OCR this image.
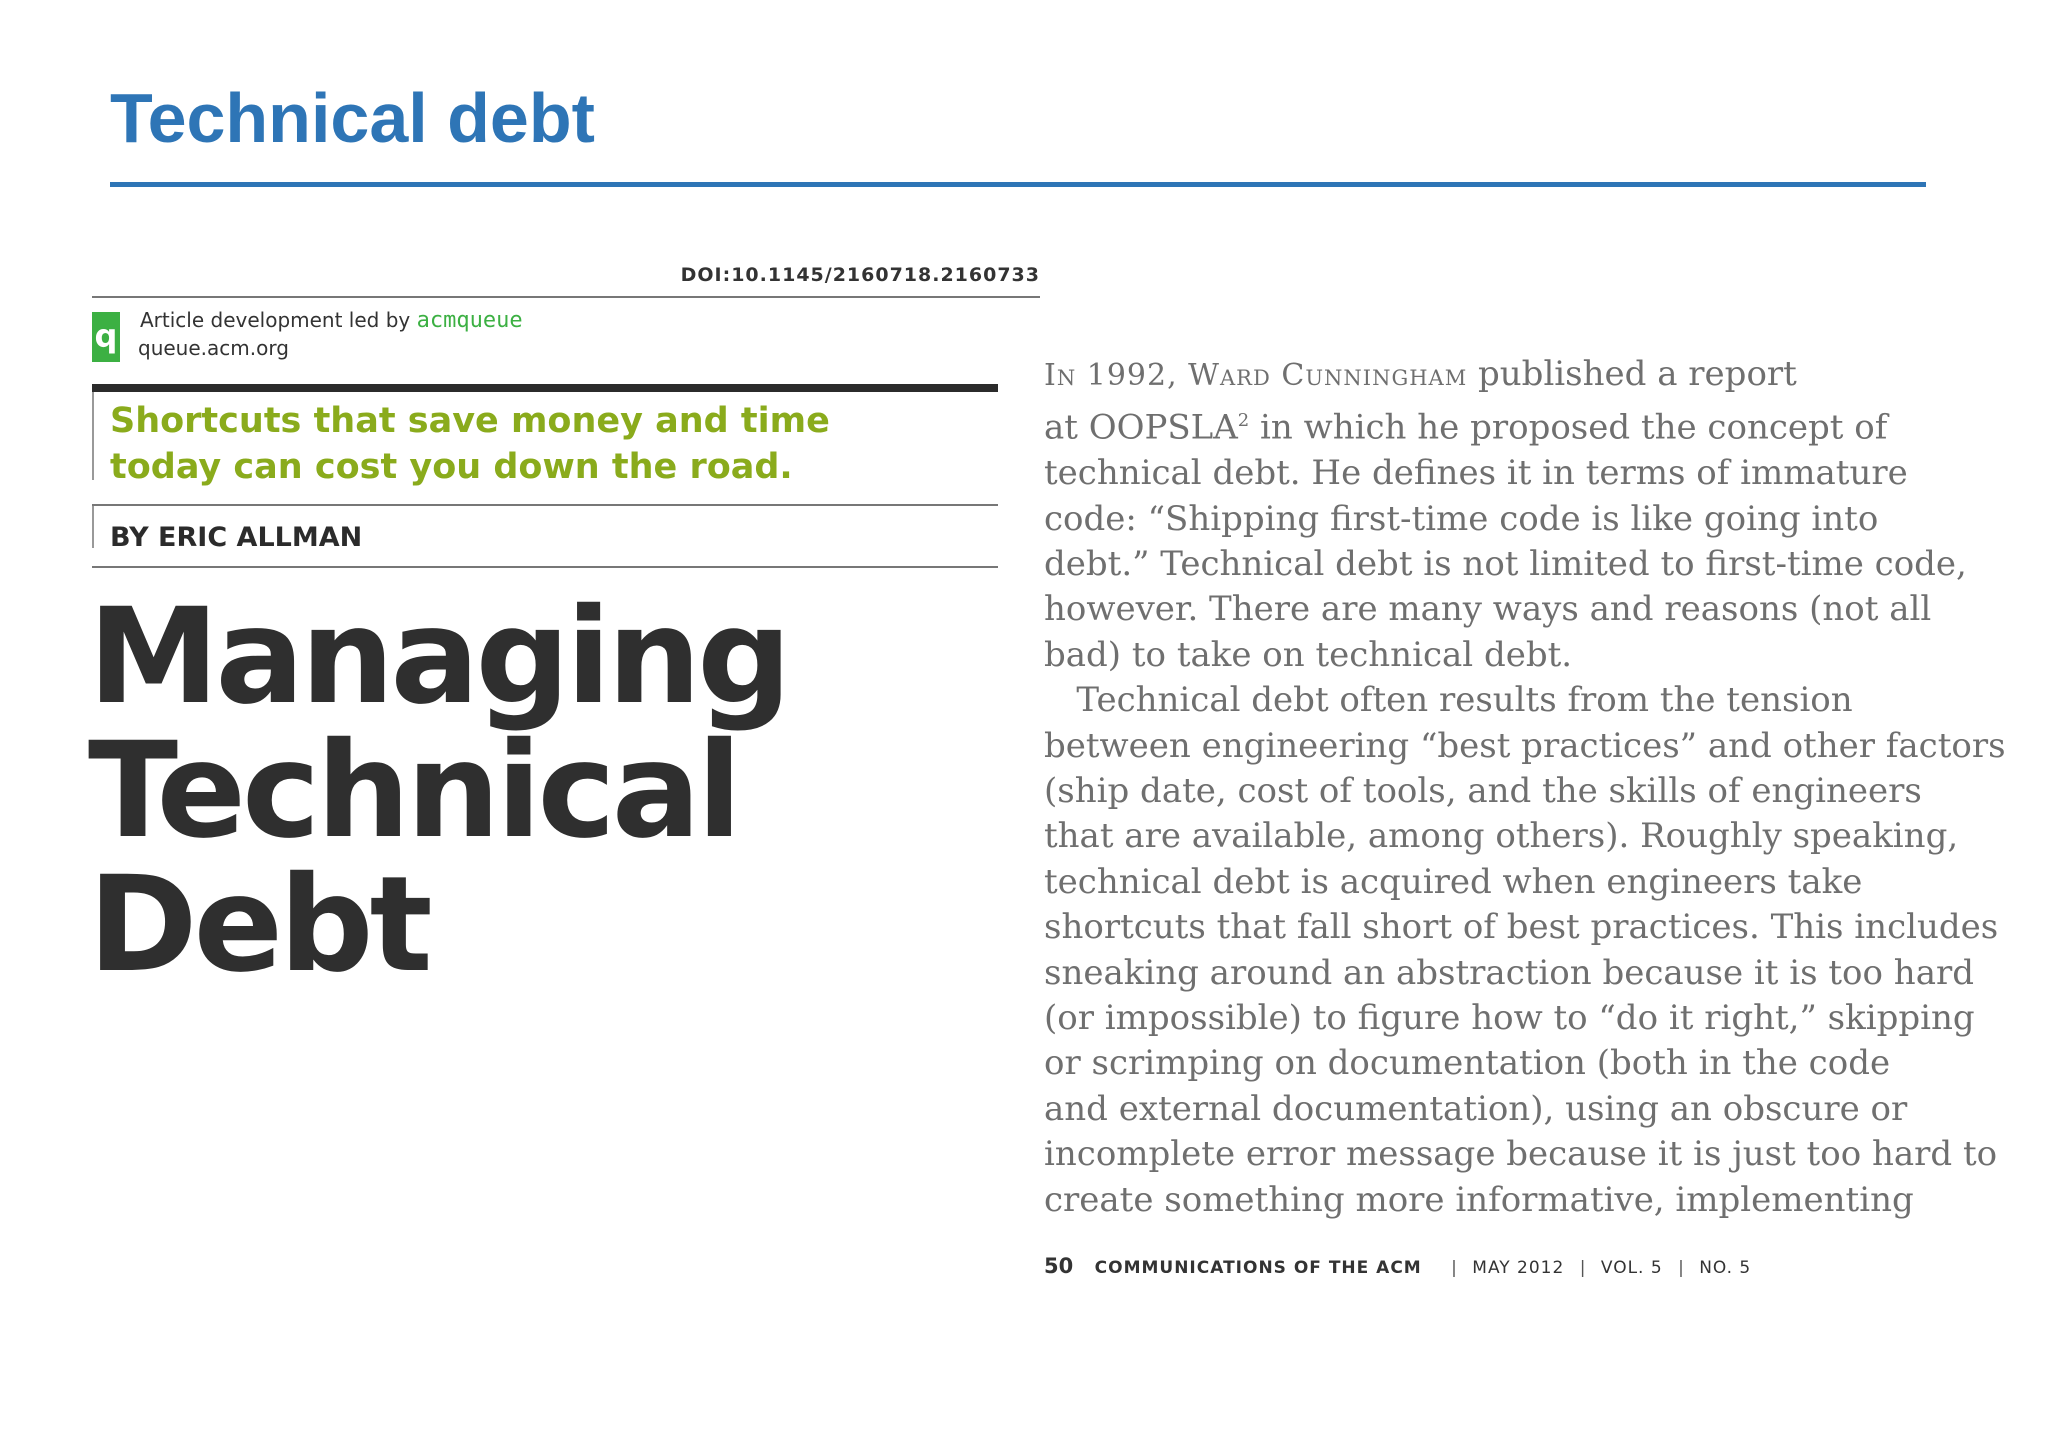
Technical debt
DOI:10.1145/2160718.2160733
q Article development led by acmqueue
queue.acm.org

Shortcuts that save money and time
today can cost you down the road.

BY ERIC ALLMAN
Managing
Technical
Debt
In 1992, Ward Cunningham published a report
at OOPSLA$^2$ in which he proposed the concept of
technical debt. He defines it in terms of immature
code: “Shipping first-time code is like going into
debt.” Technical debt is not limited to first-time code,
however. There are many ways and reasons (not all
bad) to take on technical debt.
Technical debt often results from the tension
between engineering “best practices” and other factors
(ship date, cost of tools, and the skills of engineers
that are available, among others). Roughly speaking,
technical debt is acquired when engineers take
shortcuts that fall short of best practices. This includes
sneaking around an abstraction because it is too hard
(or impossible) to figure how to “do it right,” skipping
or scrimping on documentation (both in the code
and external documentation), using an obscure or
incomplete error message because it is just too hard to
create something more informative, implementing
50 COMMUNICATIONS OF THE ACM | MAY 2012 | VOL. 5 | NO. 5
